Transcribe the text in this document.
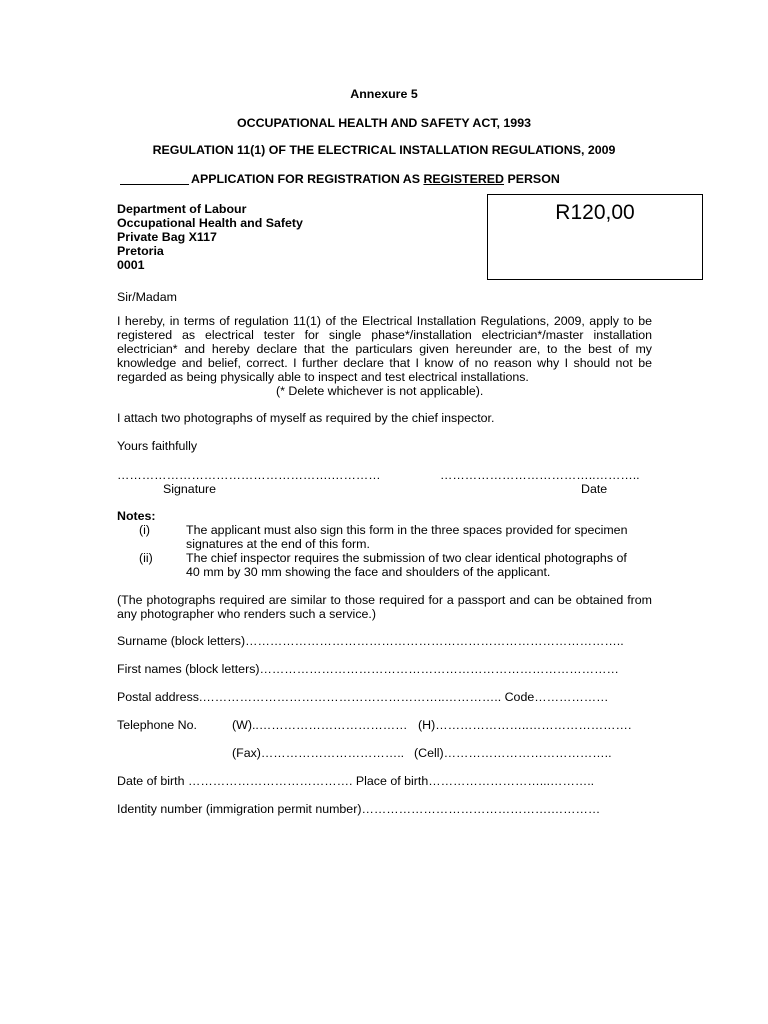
Annexure 5
OCCUPATIONAL HEALTH AND SAFETY ACT, 1993
REGULATION 11(1) OF THE ELECTRICAL INSTALLATION REGULATIONS, 2009
APPLICATION FOR REGISTRATION AS REGISTERED PERSON
Department of Labour
Occupational Health and Safety
Private Bag X117
Pretoria
0001
R120,00
Sir/Madam
I hereby, in terms of regulation 11(1) of the Electrical Installation Regulations, 2009, apply to be registered as electrical tester for single phase*/installation electrician*/master installation electrician* and hereby declare that the particulars given hereunder are, to the best of my knowledge and belief, correct. I further declare that I know of no reason why I should not be regarded as being physically able to inspect and test electrical installations.
(* Delete whichever is not applicable).
I attach two photographs of myself as required by the chief inspector.
Yours faithfully
…………………………………………….…………
Signature
………………………………..………..
Date
Notes:
(i)	The applicant must also sign this form in the three spaces provided for specimen
signatures at the end of this form.
(ii)	The chief inspector requires the submission of two clear identical photographs of
40 mm by 30 mm showing the face and shoulders of the applicant.
(The photographs required are similar to those required for a passport and can be obtained from any photographer who renders such a service.)
Surname (block letters)………………………………………………………………………………..
First names (block letters)……………………………………………………………………………
Postal address.…………………………………………………..………….. Code………………
Telephone No.	(W)..……………………………… (H)…………………..…………………….
(Fax)…………………………….. (Cell)…………………………………..
Date of birth …………………………………. Place of birth………………………...………..
Identity number (immigration permit number)……………………………………….…………
